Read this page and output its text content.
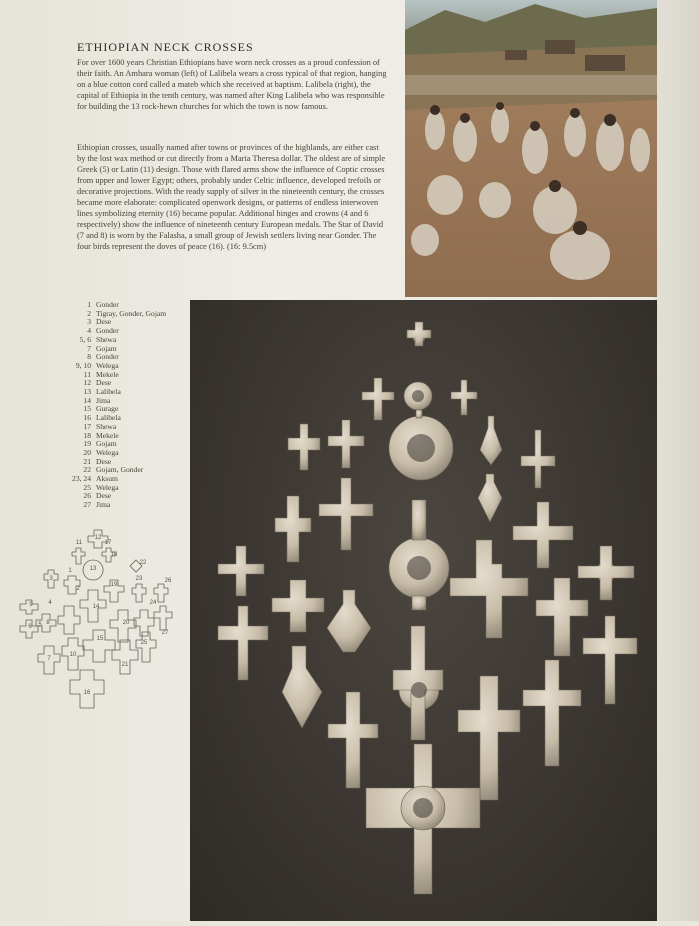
ETHIOPIAN NECK CROSSES
For over 1600 years Christian Ethiopians have worn neck crosses as a proud confession of their faith. An Amhara woman (left) of Lalibela wears a cross typical of that region, hanging on a blue cotton cord called a mateb which she received at baptism. Lalibela (right), the capital of Ethiopia in the tenth century, was named after King Lalibela who was responsible for building the 13 rock-hewn churches for which the town is now famous.
Ethiopian crosses, usually named after towns or provinces of the highlands, are either cast by the lost wax method or cut directly from a Maria Theresa dollar. The oldest are of simple Greek (5) or Latin (11) design. Those with flared arms show the influence of Coptic crosses from upper and lower Egypt; others, probably under Celtic influence, developed trefoils or decorative projections. With the ready supply of silver in the nineteenth century, the crosses became more elaborate: complicated openwork designs, or patterns of endless interwoven lines symbolizing eternity (16) became popular. Additional hinges and crowns (4 and 6 respectively) show the influence of nineteenth century European medals. The Star of David (7 and 8) is worn by the Falasha, a small group of Jewish settlers living near Gonder. The four birds represent the doves of peace (16). (16: 9.5cm)
1 Gonder
2 Tigray, Gonder, Gojam
3 Dese
4 Gonder
5, 6 Shewa
7 Gojam
8 Gonder
9, 10 Welega
11 Mekele
12 Dese
13 Lalibela
14 Jima
15 Gurage
16 Lalibela
17 Shewa
18 Mekele
19 Gojam
20 Welega
21 Dese
22 Gojam, Gonder
23, 24 Aksum
25 Welega
26 Dese
27 Jima
12
11	17
18
13
22
3
1
19
23	26
2
14
4	24
9
5 8
10
15
20
25
27
6
7
21
16
